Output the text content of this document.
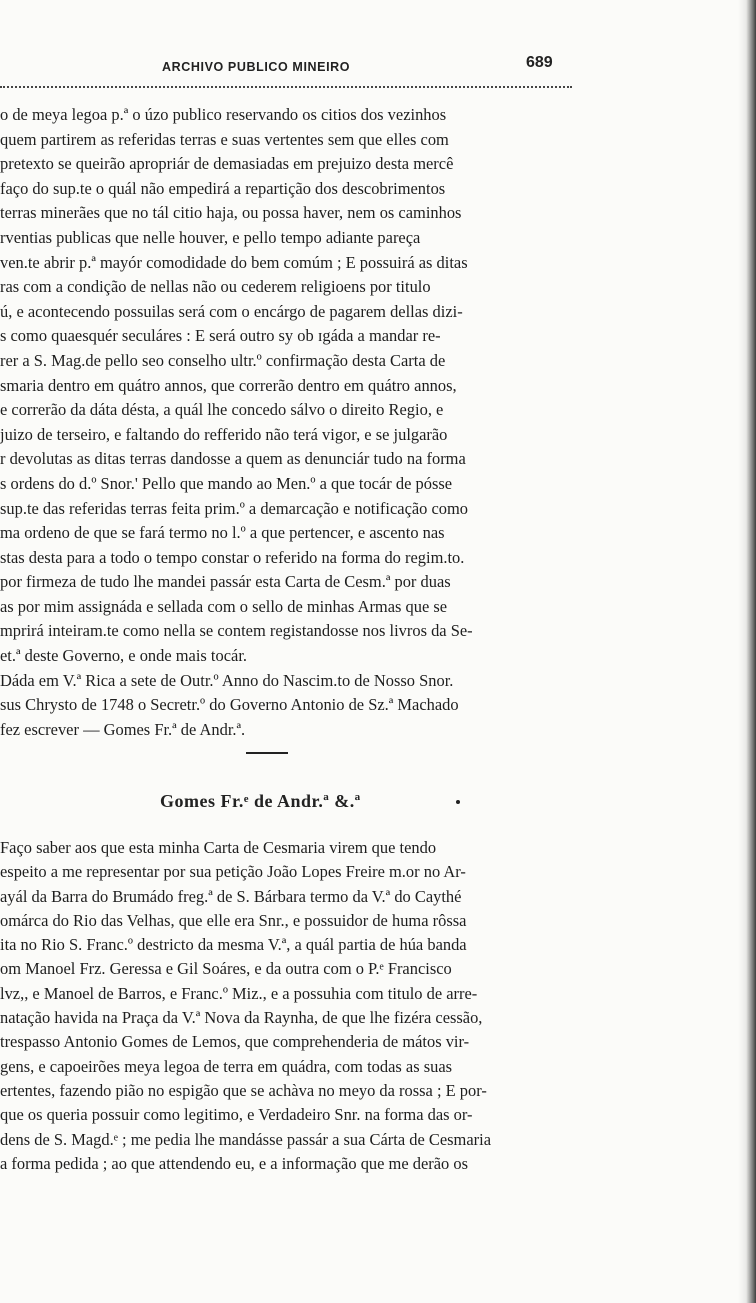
ARCHIVO PUBLICO MINEIRO	689
o de meya legoa p.ª o úzo publico reservando os citios dos vezinhos
quem partirem as referidas terras e suas vertentes sem que elles com
pretexto se queirão apropriár de demasiadas em prejuizo desta mercê
faço do sup.te o quál não empedirá a repartição dos descobrimentos
terras minerães que no tál citio haja, ou possa haver, nem os caminhos
rventias publicas que nelle houver, e pello tempo adiante pareça
ven.te abrir p.ª mayór comodidade do bem comúm ; E possuirá as ditas
ras com a condição de nellas não ou cederem religioens por titulo
ú, e acontecendo possuilas será com o encárgo de pagarem dellas dizi-
s como quaesquér seculáres : E será outro sy ob ɪgáda a mandar re-
rer a S. Mag.de pello seo conselho ultr.º confirmação desta Carta de
smaria dentro em quátro annos, que correrão dentro em quátro annos,
e correrão da dáta désta, a quál lhe concedo sálvo o direito Regio, e
juizo de terseiro, e faltando do refferido não terá vigor, e se julgarão
r devolutas as ditas terras dandosse a quem as denunciár tudo na forma
s ordens do d.º Snor.' Pello que mando ao Men.º a que tocár de pósse
sup.te das referidas terras feita prim.º a demarcação e notificação como
ma ordeno de que se fará termo no l.º a que pertencer, e ascento nas
stas desta para a todo o tempo constar o referido na forma do regim.to.
por firmeza de tudo lhe mandei passár esta Carta de Cesm.ª por duas
as por mim assignáda e sellada com o sello de minhas Armas que se
mprirá inteiram.te como nella se contem registandosse nos livros da Se-
et.ª deste Governo, e onde mais tocár.
Dáda em V.ª Rica a sete de Outr.º Anno do Nascim.to de Nosso Snor.
sus Chrysto de 1748 o Secretr.º do Governo Antonio de Sz.ª Machado
fez escrever — Gomes Fr.ª de Andr.ª.
Gomes Fr.ᵉ de Andr.ª &.ª
Faço saber aos que esta minha Carta de Cesmaria virem que tendo
espeito a me representar por sua petição João Lopes Freire m.or no Ar-
ayál da Barra do Brumádo freg.ª de S. Bárbara termo da V.ª do Caythé
omárca do Rio das Velhas, que elle era Snr., e possuidor de huma rôssa
ita no Rio S. Franc.º destricto da mesma V.ª, a quál partia de húa banda
om Manoel Frz. Geressa e Gil Soáres, e da outra com o P.ᵉ Francisco
lvz,, e Manoel de Barros, e Franc.º Miz., e a possuhia com titulo de arre-
natação havida na Praça da V.ª Nova da Raynha, de que lhe fizéra cessão,
trespasso Antonio Gomes de Lemos, que comprehenderia de mátos vir-
gens, e capoeirões meya legoa de terra em quádra, com todas as suas
ertentes, fazendo pião no espigão que se achàva no meyo da rossa ; E por-
que os queria possuir como legitimo, e Verdadeiro Snr. na forma das or-
dens de S. Magd.ᵉ ; me pedia lhe mandásse passár a sua Cárta de Cesmaria
a forma pedida ; ao que attendendo eu, e a informação que me derão os
